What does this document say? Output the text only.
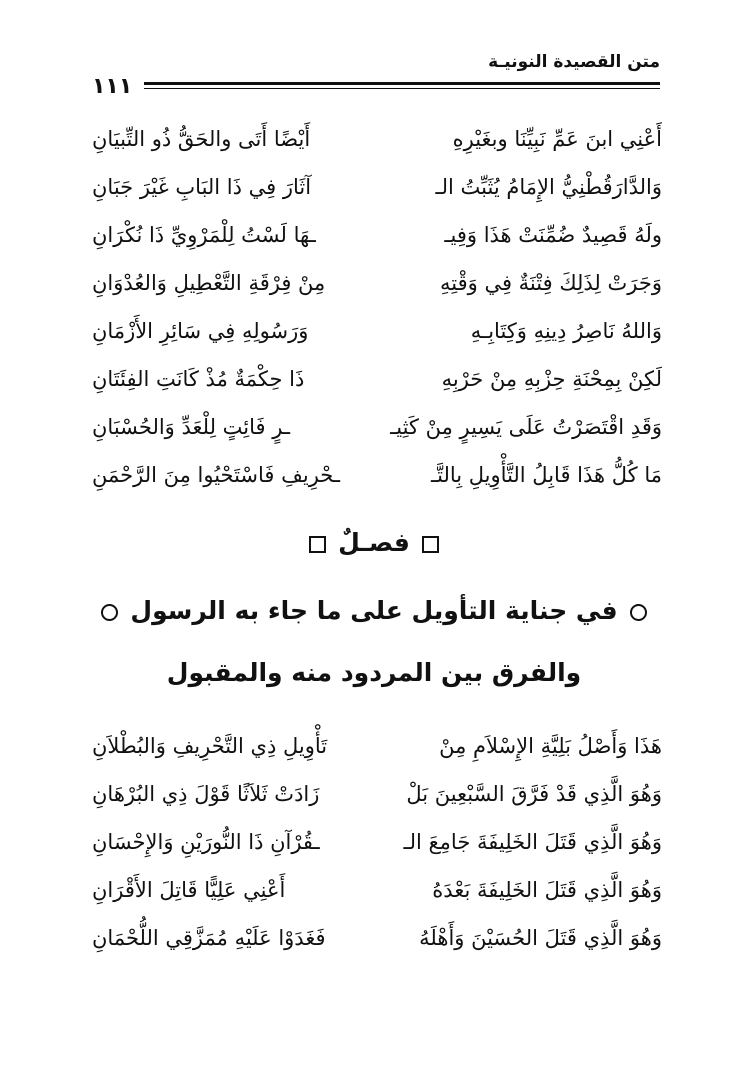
متن القصيدة النونيـة
١١١
أَعْنِي ابنَ عَمِّ نَبِيِّنَا وبغَيْرِهِ
أَيْضًا أَتَى والحَقُّ ذُو التِّبيَانِ
وَالدَّارَقُطْنِيُّ الإِمَامُ يُثَبِّتُ الـ
آثَارَ فِي ذَا البَابِ غَيْرَ جَبَانِ
ولَهُ قَصِيدٌ ضُمِّنَتْ هَذَا وَفِيـ
ـهَا لَسْتُ لِلْمَرْوِيِّ ذَا نُكْرَانِ
وَجَرَتْ لِذَلِكَ فِتْنَةٌ فِي وَقْتِهِ
مِنْ فِرْقَةِ التَّعْطِيلِ وَالعُدْوَانِ
وَاللهُ نَاصِرُ دِينِهِ وَكِتَابِـهِ
وَرَسُولِهِ فِي سَائِرِ الأَزْمَانِ
لَكِنْ بِمِحْنَةِ حِزْبِهِ مِنْ حَرْبِهِ
ذَا حِكْمَةٌ مُذْ كَانَتِ الفِئَتَانِ
وَقَدِ اقْتَصَرْتُ عَلَى يَسِيرٍ مِنْ كَثِيـ
ـرٍ فَائِتٍ لِلْعَدِّ وَالحُسْبَانِ
مَا كُلُّ هَذَا قَابِلُ التَّأْوِيلِ بِالتَّـ
ـحْرِيفِ فَاسْتَحْيُوا مِنَ الرَّحْمَنِ
فصـلٌ
في جناية التأويل على ما جاء به الرسول
والفرق بين المردود منه والمقبول
هَذَا وَأَصْلُ بَلِيَّةِ الإِسْلاَمِ مِنْ
تَأْوِيلِ ذِي التَّحْرِيفِ وَالبُطْلاَنِ
وَهُوَ الَّذِي قَدْ فَرَّقَ السَّبْعِينَ بَلْ
زَادَتْ ثَلاَثًا قَوْلَ ذِي البُرْهَانِ
وَهُوَ الَّذِي قَتَلَ الخَلِيفَةَ جَامِعَ الـ
ـقُرْآنِ ذَا النُّورَيْنِ وَالإِحْسَانِ
وَهُوَ الَّذِي قَتَلَ الخَلِيفَةَ بَعْدَهُ
أَعْنِي عَلِيًّا قَاتِلَ الأَقْرَانِ
وَهُوَ الَّذِي قَتَلَ الحُسَيْنَ وَأَهْلَهُ
فَغَدَوْا عَلَيْهِ مُمَزَّقِي اللُّحْمَانِ
